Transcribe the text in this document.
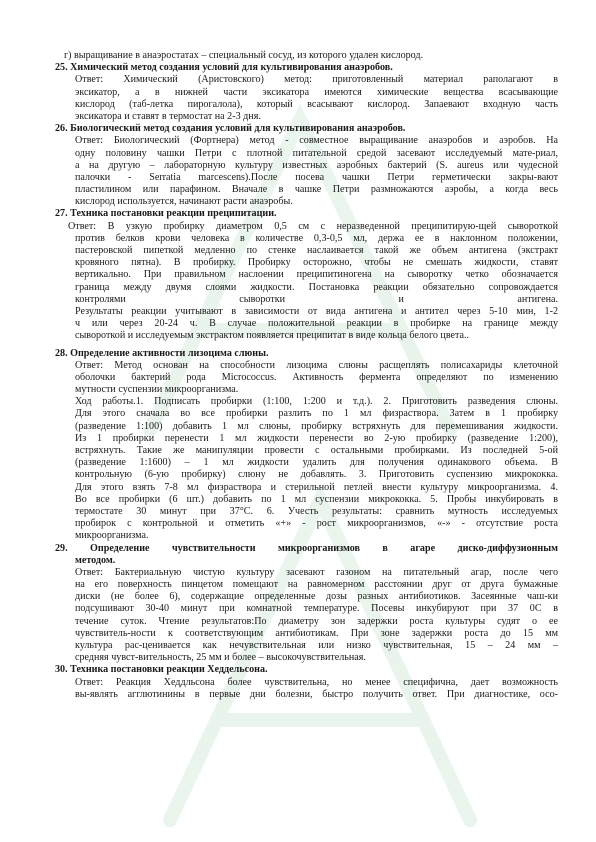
г) выращивание в анаэростатах – специальный сосуд, из которого удален кислород.
25. Химический метод создания условий для культивирования анаэробов.
Ответ: Химический (Аристовского) метод: приготовленный материал раполагают в
эксикатор, а в нижней части эксикатора имеются химические вещества всасывающие
кислород (таб-летка пирогалола), который всасывают кислород. Запаевают входную часть
эксикатора и ставят в термостат на 2-3 дня.
26. Биологический метод создания условий для культивирования анаэробов.
Ответ: Биологический (Фортнера) метод - совместное выращивание анаэробов и аэробов. На
одну половину чашки Петри с плотной питательной средой засевают исследуемый мате-риал,
а на другую – лабораторную культуру известных аэробных бактерий (S. aureus или чудесной
палочки - Serratia marcescens).После посева чашки Петри герметически закры-вают
пластилином или парафином. Вначале в чашке Петри размножаются аэробы, а когда весь
кислород используется, начинают расти анаэробы.
27. Техника постановки реакции преципитации.
Ответ: В узкую пробирку диаметром 0,5 см с неразведенной преципитирую-щей сывороткой
против белков крови человека в количестве 0,3-0,5 мл, держа ее в наклонном положении,
пастеровской пипеткой медленно по стенке наслаивается такой же объем антигена (экстракт
кровяного пятна). В пробирку. Пробирку осторожно, чтобы не смешать жидкости, ставят
вертикально. При правильном наслоении преципитиногена на сыворотку четко обозначается
граница между двумя слоями жидкости. Постановка реакции обязательно сопровождается
контролями сыворотки и антигена.
Результаты реакции учитывают в зависимости от вида антигена и антител через 5-10 мин, 1-2
ч или через 20-24 ч. В случае положительной реакции в пробирке на границе между
сывороткой и исследуемым экстрактом появляется преципитат в виде кольца белого цвета..
28. Определение активности лизоцима слюны.
Ответ: Метод основан на способности лизоцима слюны расщеплять полисахариды клеточной
оболочки бактерий рода Micrococcus. Активность фермента определяют по изменению
мутности суспензии микроорганизма.
Ход работы.1. Подписать пробирки (1:100, 1:200 и т.д.). 2. Приготовить разведения слюны.
Для этого сначала во все пробирки разлить по 1 мл физраствора. Затем в 1 пробирку
(разведение 1:100) добавить 1 мл слюны, пробирку встряхнуть для перемешивания жидкости.
Из 1 пробирки перенести 1 мл жидкости перенести во 2-ую пробирку (разведение 1:200),
встряхнуть. Такие же манипуляции провести с остальными пробирками. Из последней 5-ой
(разведение 1:1600) – 1 мл жидкости удалить для получения одинакового объема. В
контрольную (6-ую пробирку) слюну не добавлять. 3. Приготовить суспензию микрококка.
Для этого взять 7-8 мл физраствора и стерильной петлей внести культуру микроорганизма. 4.
Во все пробирки (6 шт.) добавить по 1 мл суспензии микрококка. 5. Пробы инкубировать в
термостате 30 минут при 37°С. 6. Учесть результаты: сравнить мутность исследуемых
пробирок с контрольной и отметить «+» - рост микроорганизмов, «-» - отсутствие роста
микроорганизма.
29. Определение чувствительности микроорганизмов в агаре диско-диффузионным
методом.
Ответ: Бактериальную чистую культуру засевают газоном на питательный агар, после чего
на его поверхность пинцетом помещают на равномерном расстоянии друг от друга бумажные
диски (не более 6), содержащие определенные дозы разных антибиотиков. Засеянные чаш-ки
подсушивают 30-40 минут при комнатной температуре. Посевы инкубируют при 37 0С в
течение суток. Чтение результатов:По диаметру зон задержки роста культуры судят о ее
чувствитель-ности к соответствующим антибиотикам. При зоне задержки роста до 15 мм
культура рас-ценивается как нечувствительная или низко чувствительная, 15 – 24 мм –
средняя чувст-вительность, 25 мм и более – высокочувствительная.
30. Техника постановки реакции Хеддельсона.
Ответ: Реакция Хеддльсона более чувствительна, но менее специфична, дает возможность
вы-являть агглютинины в первые дни болезни, быстро получить ответ. При диагностике, осо-
